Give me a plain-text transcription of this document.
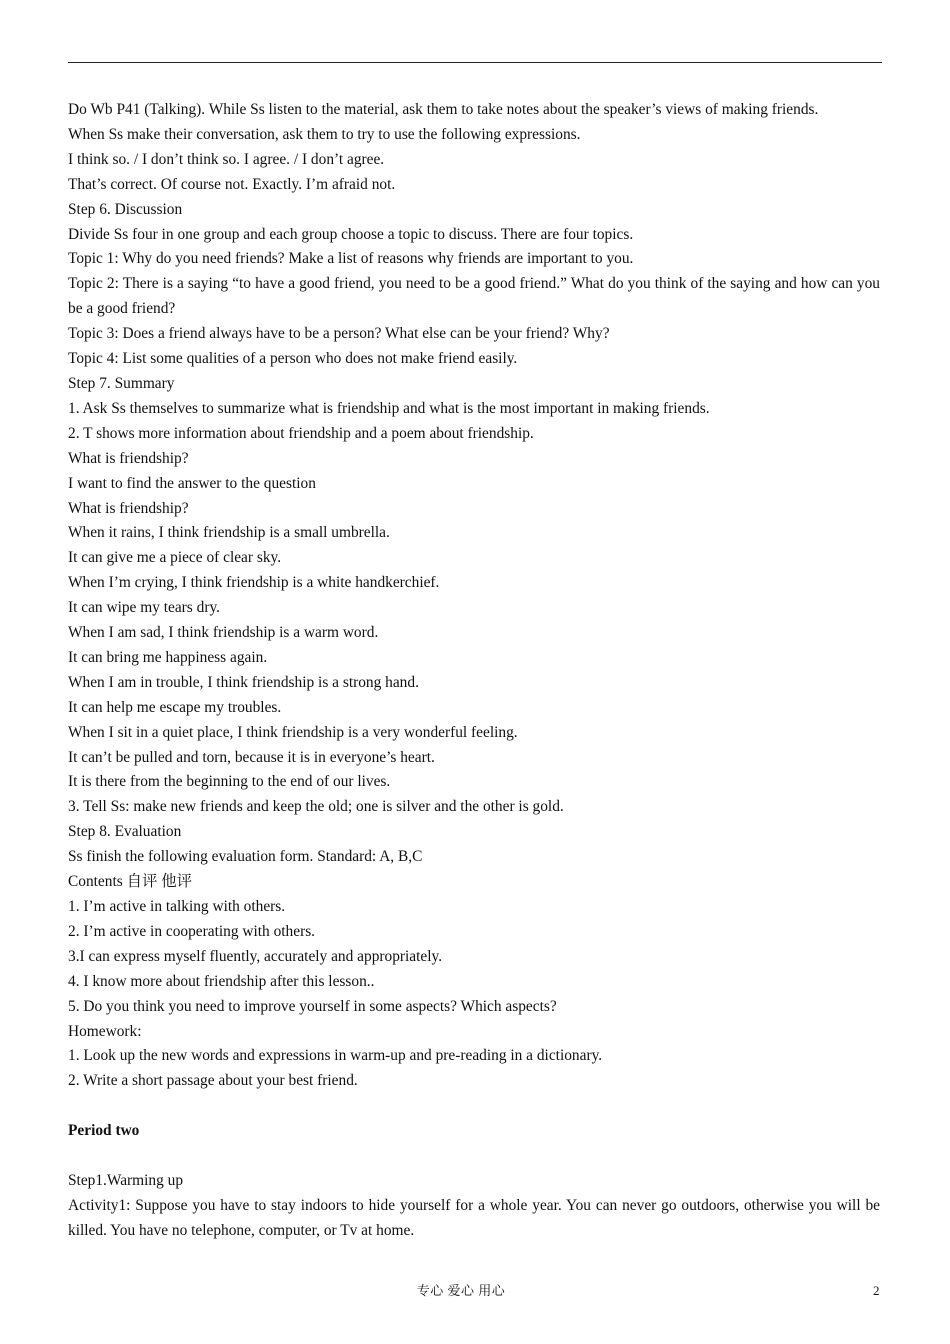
Do Wb P41 (Talking). While Ss listen to the material, ask them to take notes about the speaker’s views of making friends.

When Ss make their conversation, ask them to try to use the following expressions.

I think so. / I don’t think so. I agree. / I don’t agree.

That’s correct. Of course not. Exactly. I’m afraid not.

Step 6. Discussion

Divide Ss four in one group and each group choose a topic to discuss. There are four topics.

Topic 1: Why do you need friends? Make a list of reasons why friends are important to you.

Topic 2: There is a saying “to have a good friend, you need to be a good friend.” What do you think of the saying and how can you be a good friend?

Topic 3: Does a friend always have to be a person? What else can be your friend? Why?

Topic 4: List some qualities of a person who does not make friend easily.

Step 7. Summary

1. Ask Ss themselves to summarize what is friendship and what is the most important in making friends.

2. T shows more information about friendship and a poem about friendship.

What is friendship?

I want to find the answer to the question

What is friendship?

When it rains, I think friendship is a small umbrella.

It can give me a piece of clear sky.

When I’m crying, I think friendship is a white handkerchief.

It can wipe my tears dry.

When I am sad, I think friendship is a warm word.

It can bring me happiness again.

When I am in trouble, I think friendship is a strong hand.

It can help me escape my troubles.

When I sit in a quiet place, I think friendship is a very wonderful feeling.

It can’t be pulled and torn, because it is in everyone’s heart.

It is there from the beginning to the end of our lives.

3. Tell Ss: make new friends and keep the old; one is silver and the other is gold.

Step 8. Evaluation

Ss finish the following evaluation form. Standard: A, B,C

Contents 自评 他评

1. I’m active in talking with others.

2. I’m active in cooperating with others.

3.I can express myself fluently, accurately and appropriately.

4. I know more about friendship after this lesson..

5. Do you think you need to improve yourself in some aspects? Which aspects?

Homework:

1. Look up the new words and expressions in warm-up and pre-reading in a dictionary.

2. Write a short passage about your best friend.

Period two

Step1.Warming up

Activity1: Suppose you have to stay indoors to hide yourself for a whole year. You can never go outdoors, otherwise you will be killed. You have no telephone, computer, or Tv at home.

专心 爱心 用心	2
